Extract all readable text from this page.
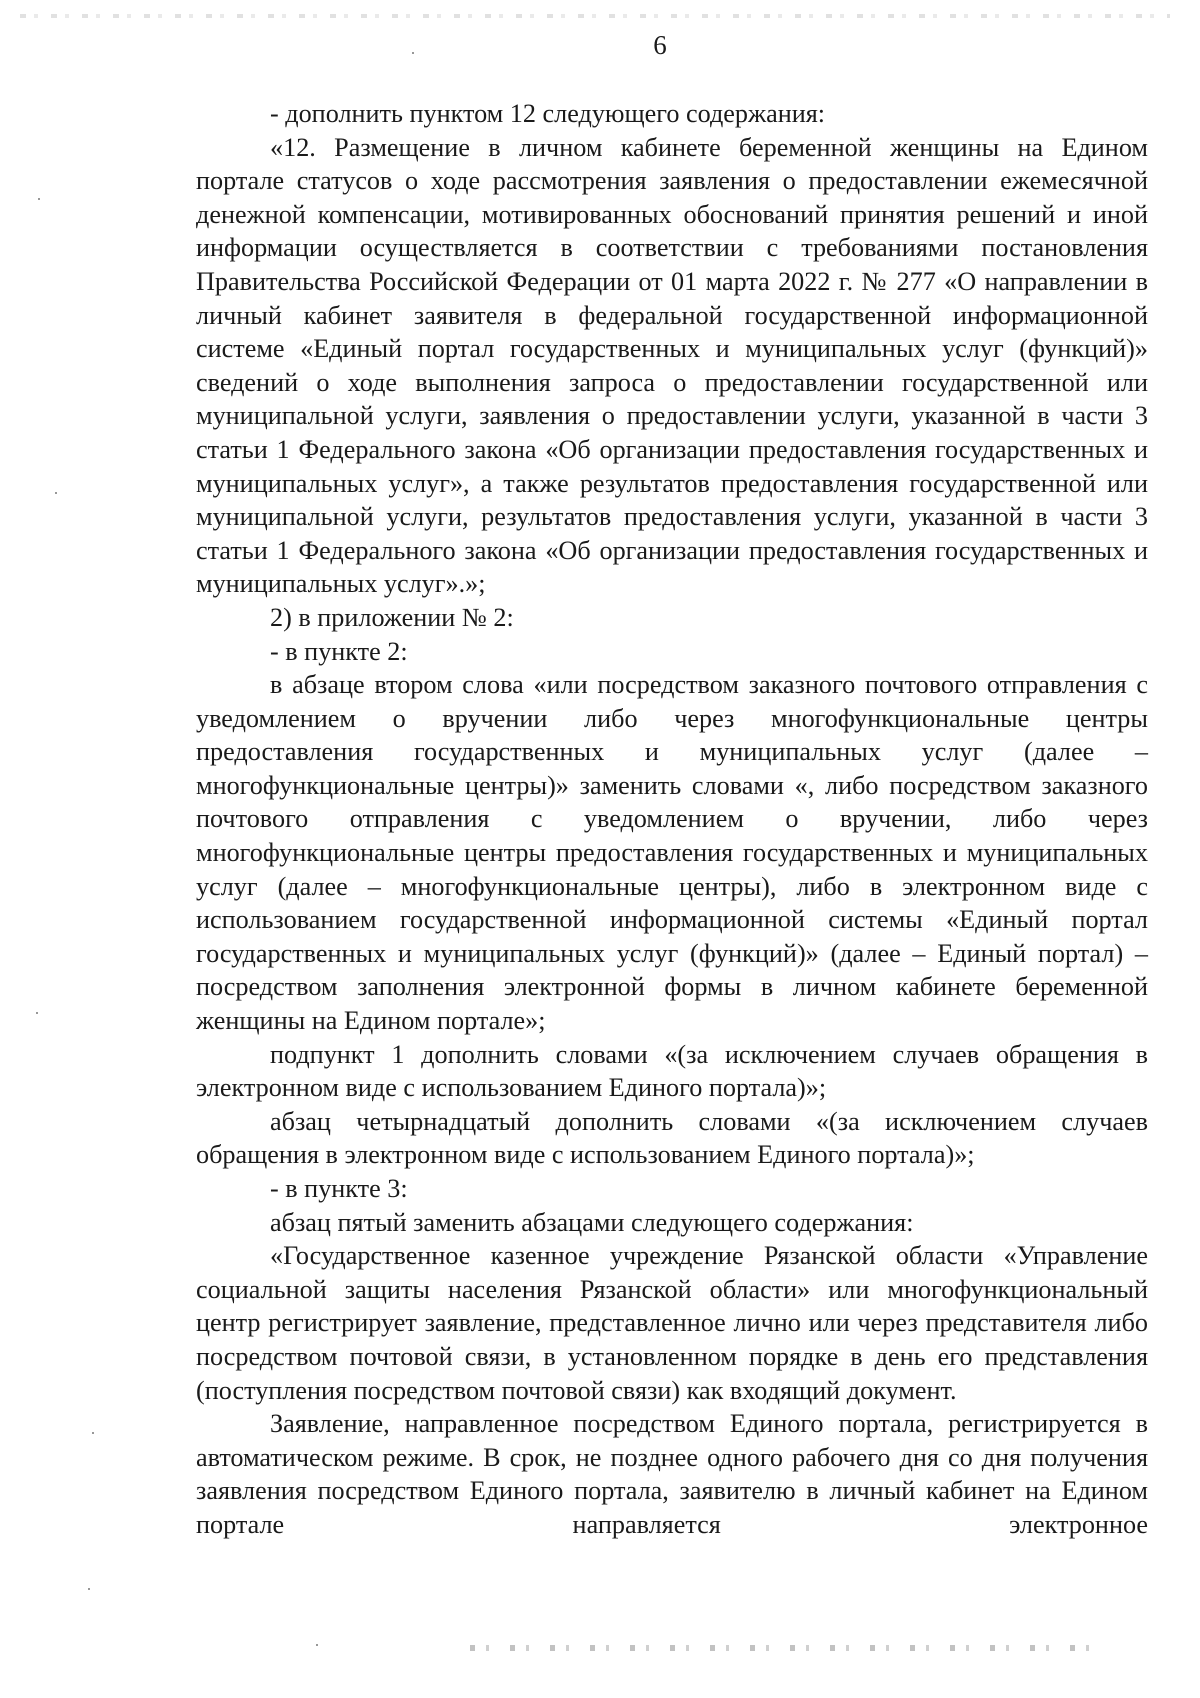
6

- дополнить пунктом 12 следующего содержания:

«12. Размещение в личном кабинете беременной женщины на Едином портале статусов о ходе рассмотрения заявления о предоставлении ежемесячной денежной компенсации, мотивированных обоснований принятия решений и иной информации осуществляется в соответствии с требованиями постановления Правительства Российской Федерации от 01 марта 2022 г. № 277 «О направлении в личный кабинет заявителя в федеральной государственной информационной системе «Единый портал государственных и муниципальных услуг (функций)» сведений о ходе выполнения запроса о предоставлении государственной или муниципальной услуги, заявления о предоставлении услуги, указанной в части 3 статьи 1 Федерального закона «Об организации предоставления государственных и муниципальных услуг», а также результатов предоставления государственной или муниципальной услуги, результатов предоставления услуги, указанной в части 3 статьи 1 Федерального закона «Об организации предоставления государственных и муниципальных услуг».»;

2) в приложении № 2:

- в пункте 2:

в абзаце втором слова «или посредством заказного почтового отправления с уведомлением о вручении либо через многофункциональные центры предоставления государственных и муниципальных услуг (далее – многофункциональные центры)» заменить словами «, либо посредством заказного почтового отправления с уведомлением о вручении, либо через многофункциональные центры предоставления государственных и муниципальных услуг (далее – многофункциональные центры), либо в электронном виде с использованием государственной информационной системы «Единый портал государственных и муниципальных услуг (функций)» (далее – Единый портал) – посредством заполнения электронной формы в личном кабинете беременной женщины на Едином портале»;

подпункт 1 дополнить словами «(за исключением случаев обращения в электронном виде с использованием Единого портала)»;

абзац четырнадцатый дополнить словами «(за исключением случаев обращения в электронном виде с использованием Единого портала)»;

- в пункте 3:

абзац пятый заменить абзацами следующего содержания:

«Государственное казенное учреждение Рязанской области «Управление социальной защиты населения Рязанской области» или многофункциональный центр регистрирует заявление, представленное лично или через представителя либо посредством почтовой связи, в установленном порядке в день его представления (поступления посредством почтовой связи) как входящий документ.

Заявление, направленное посредством Единого портала, регистрируется в автоматическом режиме. В срок, не позднее одного рабочего дня со дня получения заявления посредством Единого портала, заявителю в личный кабинет на Едином портале направляется электронное
